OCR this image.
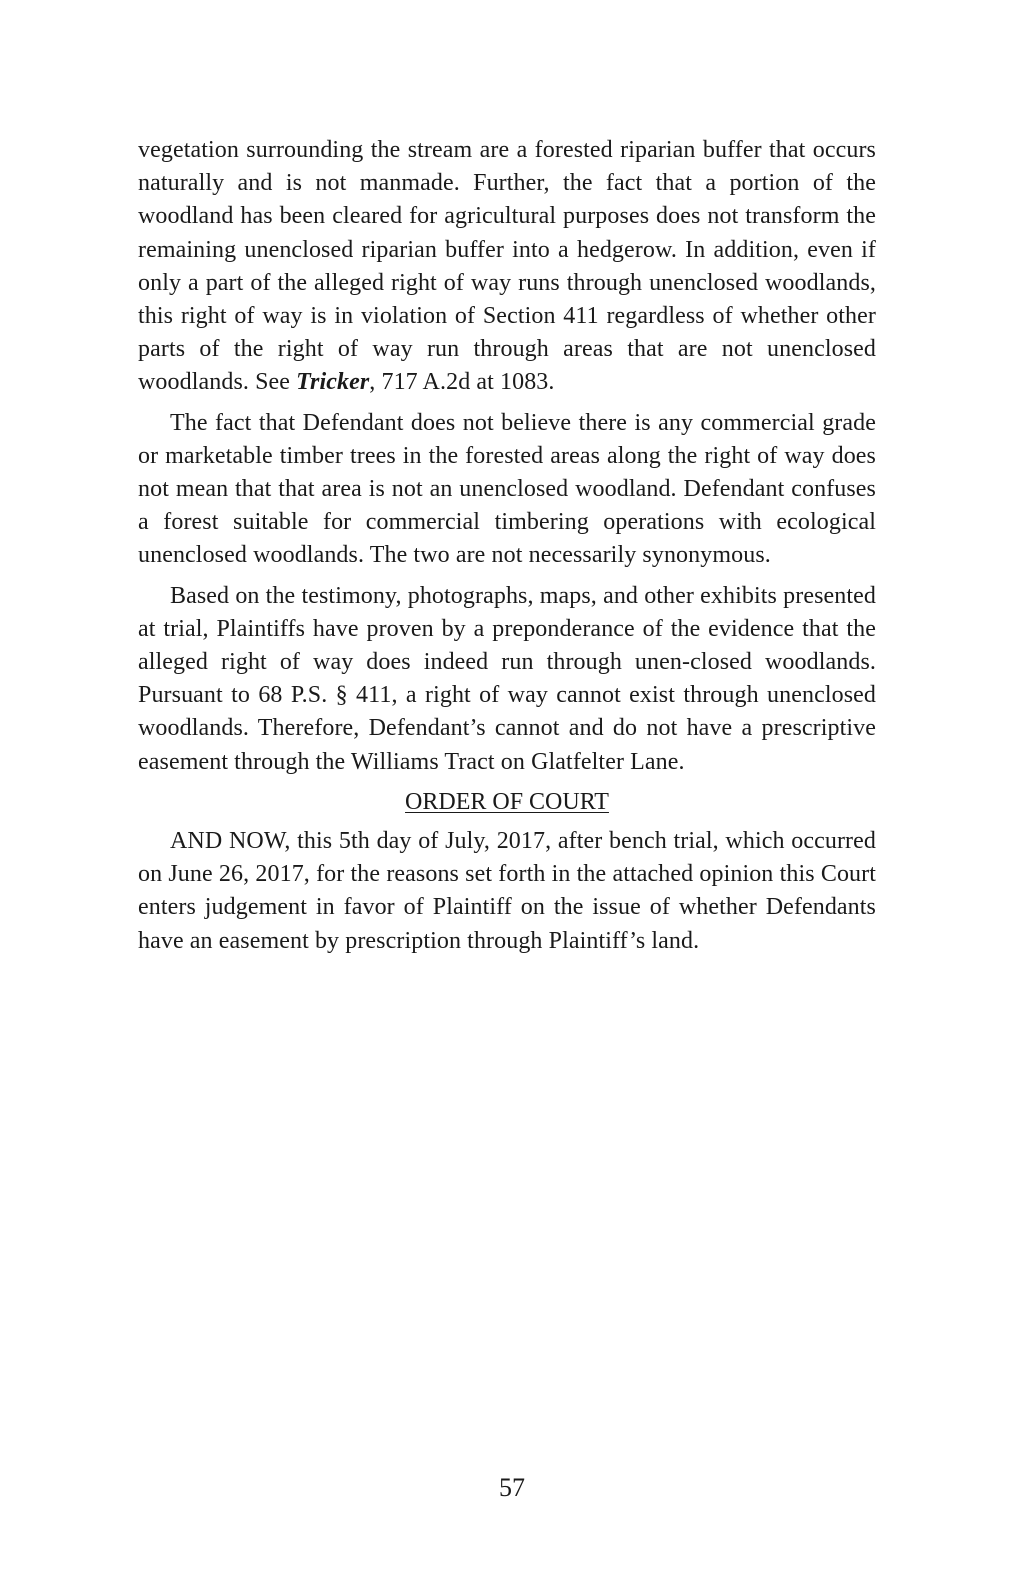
vegetation surrounding the stream are a forested riparian buffer that occurs naturally and is not manmade. Further, the fact that a portion of the woodland has been cleared for agricultural purposes does not transform the remaining unenclosed riparian buffer into a hedgerow. In addition, even if only a part of the alleged right of way runs through unenclosed woodlands, this right of way is in violation of Section 411 regardless of whether other parts of the right of way run through areas that are not unenclosed woodlands. See Tricker, 717 A.2d at 1083.

The fact that Defendant does not believe there is any commercial grade or marketable timber trees in the forested areas along the right of way does not mean that that area is not an unenclosed woodland. Defendant confuses a forest suitable for commercial timbering operations with ecological unenclosed woodlands. The two are not necessarily synonymous.

Based on the testimony, photographs, maps, and other exhibits presented at trial, Plaintiffs have proven by a preponderance of the evidence that the alleged right of way does indeed run through unen-closed woodlands. Pursuant to 68 P.S. § 411, a right of way cannot exist through unenclosed woodlands. Therefore, Defendant’s cannot and do not have a prescriptive easement through the Williams Tract on Glatfelter Lane.

ORDER OF COURT

AND NOW, this 5th day of July, 2017, after bench trial, which occurred on June 26, 2017, for the reasons set forth in the attached opinion this Court enters judgement in favor of Plaintiff on the issue of whether Defendants have an easement by prescription through Plaintiff’s land.

57
